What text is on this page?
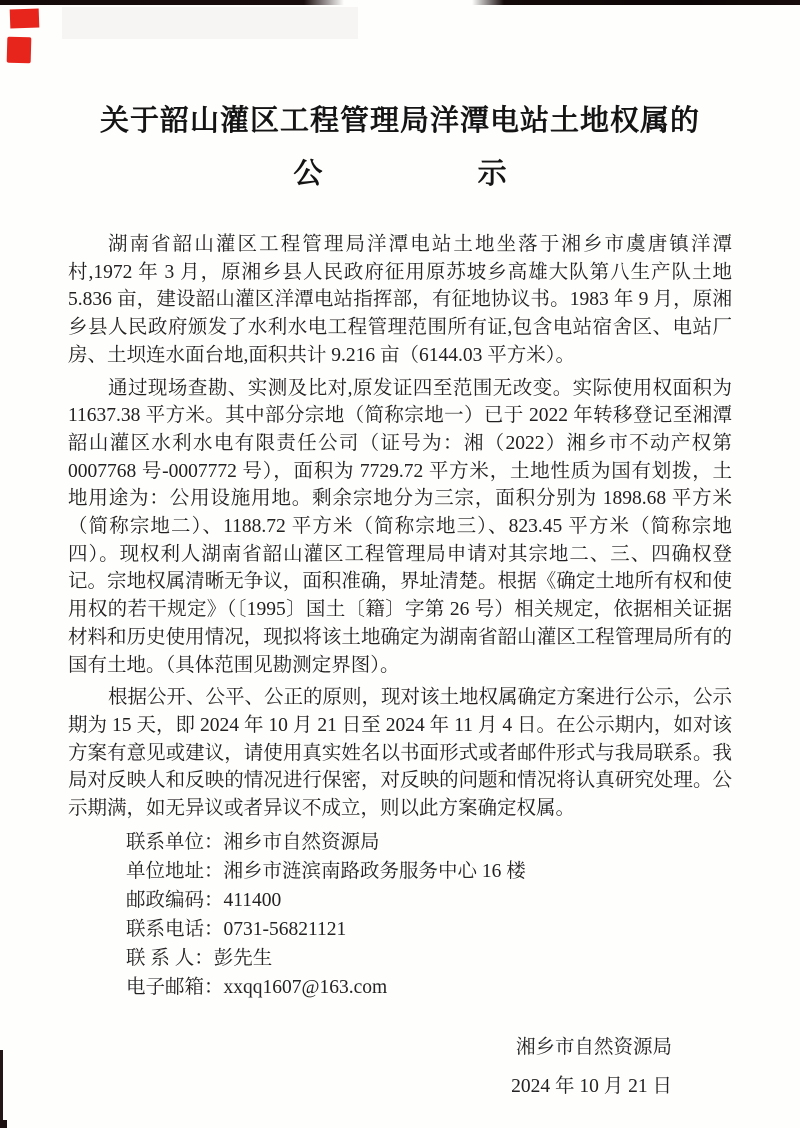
关于韶山灌区工程管理局洋潭电站土地权属的
公	示

湖南省韶山灌区工程管理局洋潭电站土地坐落于湘乡市虞唐镇洋潭村,1972 年 3 月，原湘乡县人民政府征用原苏坡乡高雄大队第八生产队土地 5.836 亩，建设韶山灌区洋潭电站指挥部，有征地协议书。1983 年 9 月，原湘乡县人民政府颁发了水利水电工程管理范围所有证,包含电站宿舍区、电站厂房、土坝连水面台地,面积共计 9.216 亩（6144.03 平方米）。

通过现场查勘、实测及比对,原发证四至范围无改变。实际使用权面积为 11637.38 平方米。其中部分宗地（简称宗地一）已于 2022 年转移登记至湘潭韶山灌区水利水电有限责任公司（证号为：湘（2022）湘乡市不动产权第 0007768 号-0007772 号），面积为 7729.72 平方米，土地性质为国有划拨，土地用途为：公用设施用地。剩余宗地分为三宗，面积分别为 1898.68 平方米（简称宗地二）、1188.72 平方米（简称宗地三）、823.45 平方米（简称宗地四）。现权利人湖南省韶山灌区工程管理局申请对其宗地二、三、四确权登记。宗地权属清晰无争议，面积准确，界址清楚。根据《确定土地所有权和使用权的若干规定》（〔1995〕国土〔籍〕字第 26 号）相关规定，依据相关证据材料和历史使用情况，现拟将该土地确定为湖南省韶山灌区工程管理局所有的国有土地。（具体范围见勘测定界图）。

根据公开、公平、公正的原则，现对该土地权属确定方案进行公示，公示期为 15 天，即 2024 年 10 月 21 日至 2024 年 11 月 4 日。在公示期内，如对该方案有意见或建议，请使用真实姓名以书面形式或者邮件形式与我局联系。我局对反映人和反映的情况进行保密，对反映的问题和情况将认真研究处理。公示期满，如无异议或者异议不成立，则以此方案确定权属。

联系单位：湘乡市自然资源局
单位地址：湘乡市涟滨南路政务服务中心 16 楼
邮政编码：411400
联系电话：0731-56821121
联 系 人：彭先生
电子邮箱：xxqq1607@163.com
湘乡市自然资源局
2024 年 10 月 21 日
